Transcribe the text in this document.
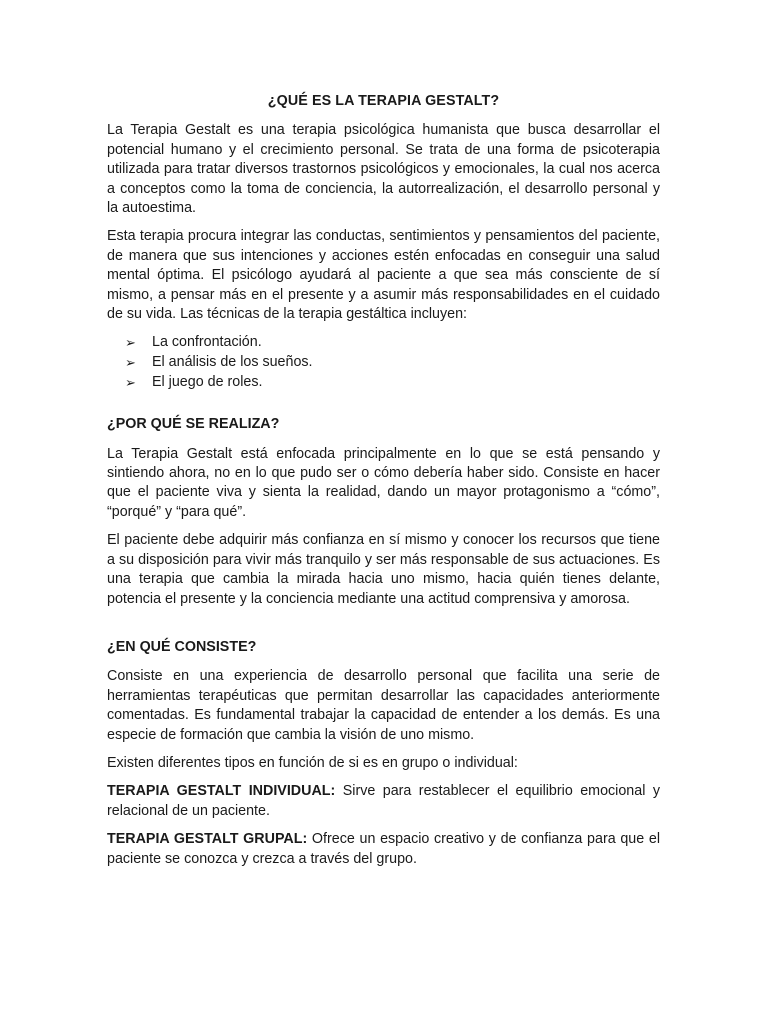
¿QUÉ ES LA TERAPIA GESTALT?

La Terapia Gestalt es una terapia psicológica humanista que busca desarrollar el potencial humano y el crecimiento personal. Se trata de una forma de psicoterapia utilizada para tratar diversos trastornos psicológicos y emocionales, la cual nos acerca a conceptos como la toma de conciencia, la autorrealización, el desarrollo personal y la autoestima.

Esta terapia procura integrar las conductas, sentimientos y pensamientos del paciente, de manera que sus intenciones y acciones estén enfocadas en conseguir una salud mental óptima. El psicólogo ayudará al paciente a que sea más consciente de sí mismo, a pensar más en el presente y a asumir más responsabilidades en el cuidado de su vida. Las técnicas de la terapia gestáltica incluyen:

➢ La confrontación.
➢ El análisis de los sueños.
➢ El juego de roles.
¿POR QUÉ SE REALIZA?

La Terapia Gestalt está enfocada principalmente en lo que se está pensando y sintiendo ahora, no en lo que pudo ser o cómo debería haber sido. Consiste en hacer que el paciente viva y sienta la realidad, dando un mayor protagonismo a “cómo”, “porqué” y “para qué”.

El paciente debe adquirir más confianza en sí mismo y conocer los recursos que tiene a su disposición para vivir más tranquilo y ser más responsable de sus actuaciones. Es una terapia que cambia la mirada hacia uno mismo, hacia quién tienes delante, potencia el presente y la conciencia mediante una actitud comprensiva y amorosa.

¿EN QUÉ CONSISTE?

Consiste en una experiencia de desarrollo personal que facilita una serie de herramientas terapéuticas que permitan desarrollar las capacidades anteriormente comentadas. Es fundamental trabajar la capacidad de entender a los demás. Es una especie de formación que cambia la visión de uno mismo.

Existen diferentes tipos en función de si es en grupo o individual:

TERAPIA GESTALT INDIVIDUAL: Sirve para restablecer el equilibrio emocional y relacional de un paciente.

TERAPIA GESTALT GRUPAL: Ofrece un espacio creativo y de confianza para que el paciente se conozca y crezca a través del grupo.
